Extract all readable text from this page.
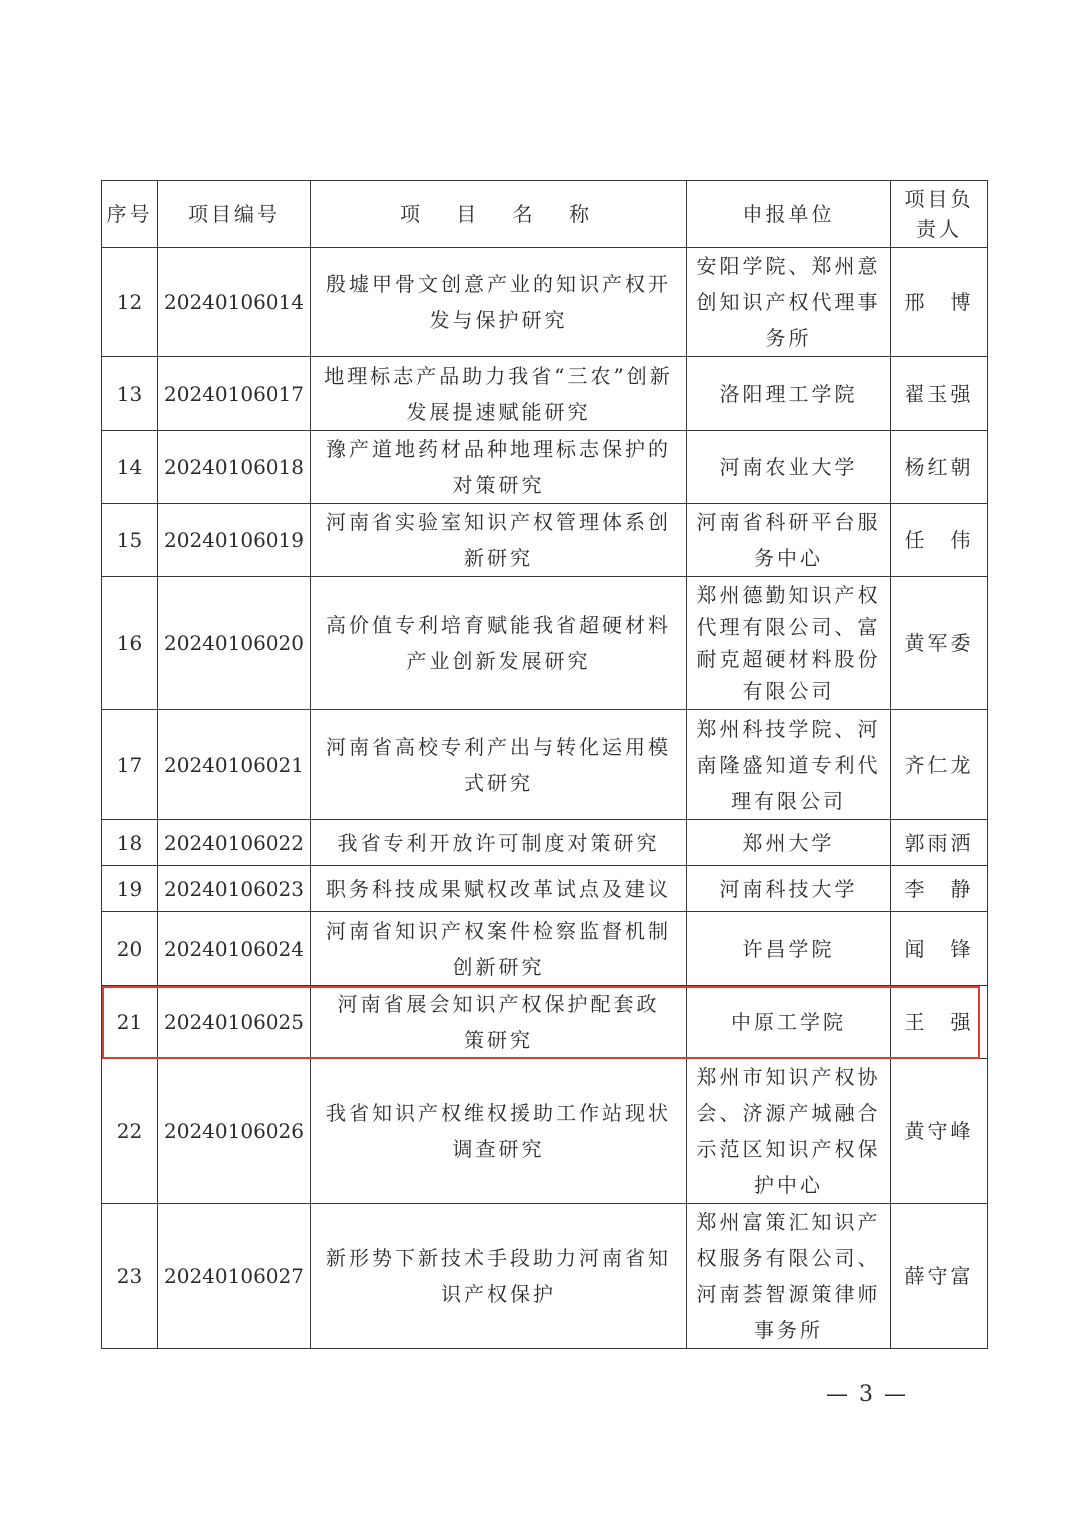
序号	项目编号	项 目 名 称	申报单位	项目负责人
12	20240106014	殷墟甲骨文创意产业的知识产权开发与保护研究	安阳学院、郑州意创知识产权代理事务所	邢　博
13	20240106017	地理标志产品助力我省“三农”创新发展提速赋能研究	洛阳理工学院	翟玉强
14	20240106018	豫产道地药材品种地理标志保护的对策研究	河南农业大学	杨红朝
15	20240106019	河南省实验室知识产权管理体系创新研究	河南省科研平台服务中心	任　伟
16	20240106020	高价值专利培育赋能我省超硬材料产业创新发展研究	郑州德勤知识产权代理有限公司、富耐克超硬材料股份有限公司	黄军委
17	20240106021	河南省高校专利产出与转化运用模式研究	郑州科技学院、河南隆盛知道专利代理有限公司	齐仁龙
18	20240106022	我省专利开放许可制度对策研究	郑州大学	郭雨洒
19	20240106023	职务科技成果赋权改革试点及建议	河南科技大学	李　静
20	20240106024	河南省知识产权案件检察监督机制创新研究	许昌学院	闻　锋
21	20240106025	河南省展会知识产权保护配套政策研究	中原工学院	王　强
22	20240106026	我省知识产权维权援助工作站现状调查研究	郑州市知识产权协会、济源产城融合示范区知识产权保护中心	黄守峰
23	20240106027	新形势下新技术手段助力河南省知识产权保护	郑州富策汇知识产权服务有限公司、河南荟智源策律师事务所	薛守富
— 3 —
